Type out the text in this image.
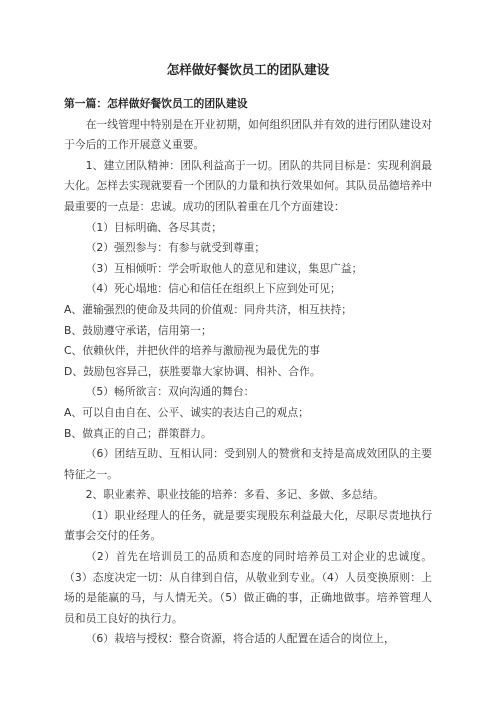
怎样做好餐饮员工的团队建设
第一篇：怎样做好餐饮员工的团队建设

在一线管理中特别是在开业初期，如何组织团队并有效的进行团队建设对于今后的工作开展意义重要。

1、建立团队精神：团队利益高于一切。团队的共同目标是：实现利润最大化。怎样去实现就要看一个团队的力量和执行效果如何。其队员品德培养中最重要的一点是：忠诚。成功的团队着重在几个方面建设：

（1）目标明确、各尽其责；

（2）强烈参与：有参与就受到尊重；

（3）互相倾听：学会听取他人的意见和建议，集思广益；

（4）死心塌地：信心和信任在组织上下应到处可见；

A、灌输强烈的使命及共同的价值观：同舟共济，相互扶持；

B、鼓励遵守承诺，信用第一；

C、依赖伙伴，并把伙伴的培养与激励视为最优先的事

D、鼓励包容异己，获胜要靠大家协调、相补、合作。

（5）畅所欲言：双向沟通的舞台：

A、可以自由自在、公平、诚实的表达自己的观点；

B、做真正的自己；群策群力。

（6）团结互助、互相认同：受到别人的赞赏和支持是高成效团队的主要特征之一。

2、职业素养、职业技能的培养：多看、多记、多做、多总结。

（1）职业经理人的任务，就是要实现股东利益最大化，尽职尽责地执行董事会交付的任务。

（2）首先在培训员工的品质和态度的同时培养员工对企业的忠诚度。（3）态度决定一切：从自律到自信，从敬业到专业。（4）人员变换原则：上场的是能赢的马，与人情无关。（5）做正确的事，正确地做事。培养管理人员和员工良好的执行力。

（6）栽培与授权：整合资源，将合适的人配置在适合的岗位上，
